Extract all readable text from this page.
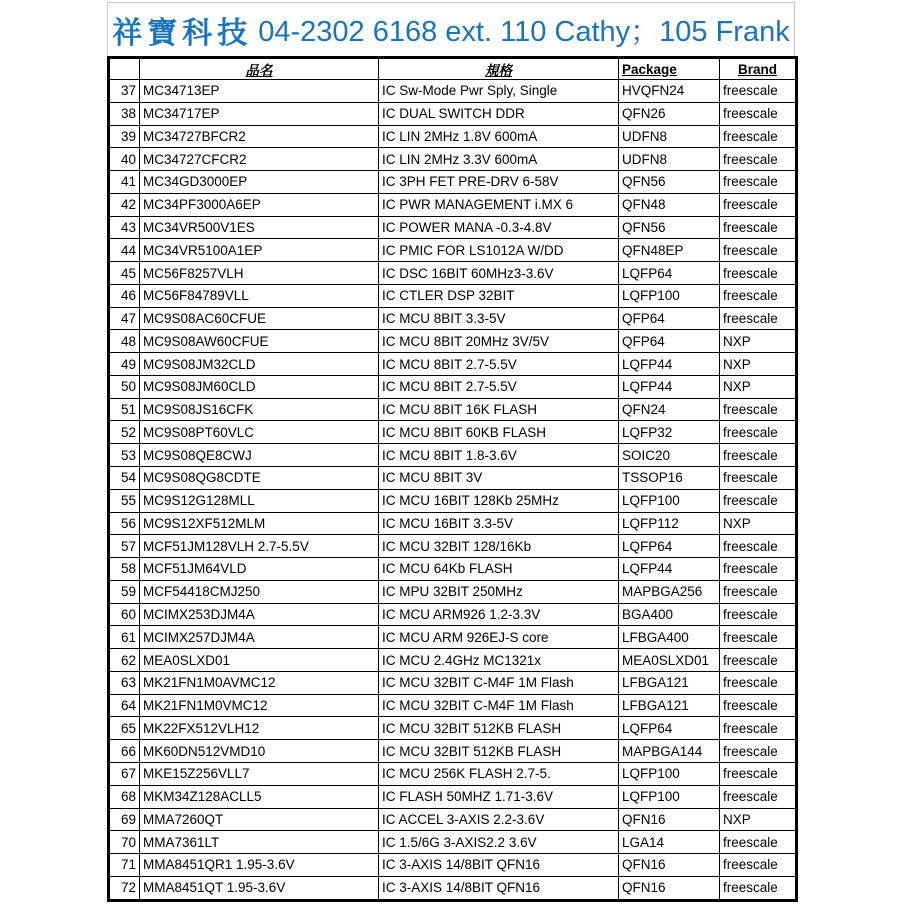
祥寶科技 04-2302 6168 ext. 110 Cathy；105 Frank
	品名	規格	Package	Brand
37	MC34713EP	IC Sw-Mode Pwr Sply, Single	HVQFN24	freescale
38	MC34717EP	IC DUAL SWITCH DDR	QFN26	freescale
39	MC34727BFCR2	IC LIN 2MHz 1.8V 600mA	UDFN8	freescale
40	MC34727CFCR2	IC LIN 2MHz 3.3V 600mA	UDFN8	freescale
41	MC34GD3000EP	IC 3PH FET PRE-DRV 6-58V	QFN56	freescale
42	MC34PF3000A6EP	IC PWR MANAGEMENT i.MX 6	QFN48	freescale
43	MC34VR500V1ES	IC POWER MANA -0.3-4.8V	QFN56	freescale
44	MC34VR5100A1EP	IC PMIC FOR LS1012A W/DD	QFN48EP	freescale
45	MC56F8257VLH	IC DSC 16BIT 60MHz3-3.6V	LQFP64	freescale
46	MC56F84789VLL	IC CTLER DSP 32BIT	LQFP100	freescale
47	MC9S08AC60CFUE	IC MCU 8BIT 3.3-5V	QFP64	freescale
48	MC9S08AW60CFUE	IC MCU 8BIT 20MHz 3V/5V	QFP64	NXP
49	MC9S08JM32CLD	IC MCU 8BIT 2.7-5.5V	LQFP44	NXP
50	MC9S08JM60CLD	IC MCU 8BIT 2.7-5.5V	LQFP44	NXP
51	MC9S08JS16CFK	IC MCU 8BIT 16K FLASH	QFN24	freescale
52	MC9S08PT60VLC	IC MCU 8BIT 60KB FLASH	LQFP32	freescale
53	MC9S08QE8CWJ	IC MCU 8BIT 1.8-3.6V	SOIC20	freescale
54	MC9S08QG8CDTE	IC MCU 8BIT 3V	TSSOP16	freescale
55	MC9S12G128MLL	IC MCU 16BIT 128Kb 25MHz	LQFP100	freescale
56	MC9S12XF512MLM	IC MCU 16BIT 3.3-5V	LQFP112	NXP
57	MCF51JM128VLH 2.7-5.5V	IC MCU 32BIT 128/16Kb	LQFP64	freescale
58	MCF51JM64VLD	IC MCU 64Kb FLASH	LQFP44	freescale
59	MCF54418CMJ250	IC MPU 32BIT 250MHz	MAPBGA256	freescale
60	MCIMX253DJM4A	IC MCU ARM926 1.2-3.3V	BGA400	freescale
61	MCIMX257DJM4A	IC MCU ARM 926EJ-S core	LFBGA400	freescale
62	MEA0SLXD01	IC MCU 2.4GHz MC1321x	MEA0SLXD01	freescale
63	MK21FN1M0AVMC12	IC MCU 32BIT C-M4F 1M Flash	LFBGA121	freescale
64	MK21FN1M0VMC12	IC MCU 32BIT C-M4F 1M Flash	LFBGA121	freescale
65	MK22FX512VLH12	IC MCU 32BIT 512KB FLASH	LQFP64	freescale
66	MK60DN512VMD10	IC MCU 32BIT 512KB FLASH	MAPBGA144	freescale
67	MKE15Z256VLL7	IC MCU 256K FLASH 2.7-5.	LQFP100	freescale
68	MKM34Z128ACLL5	IC FLASH 50MHZ 1.71-3.6V	LQFP100	freescale
69	MMA7260QT	IC ACCEL 3-AXIS 2.2-3.6V	QFN16	NXP
70	MMA7361LT	IC 1.5/6G 3-AXIS2.2 3.6V	LGA14	freescale
71	MMA8451QR1 1.95-3.6V	IC 3-AXIS 14/8BIT QFN16	QFN16	freescale
72	MMA8451QT 1.95-3.6V	IC 3-AXIS 14/8BIT QFN16	QFN16	freescale
